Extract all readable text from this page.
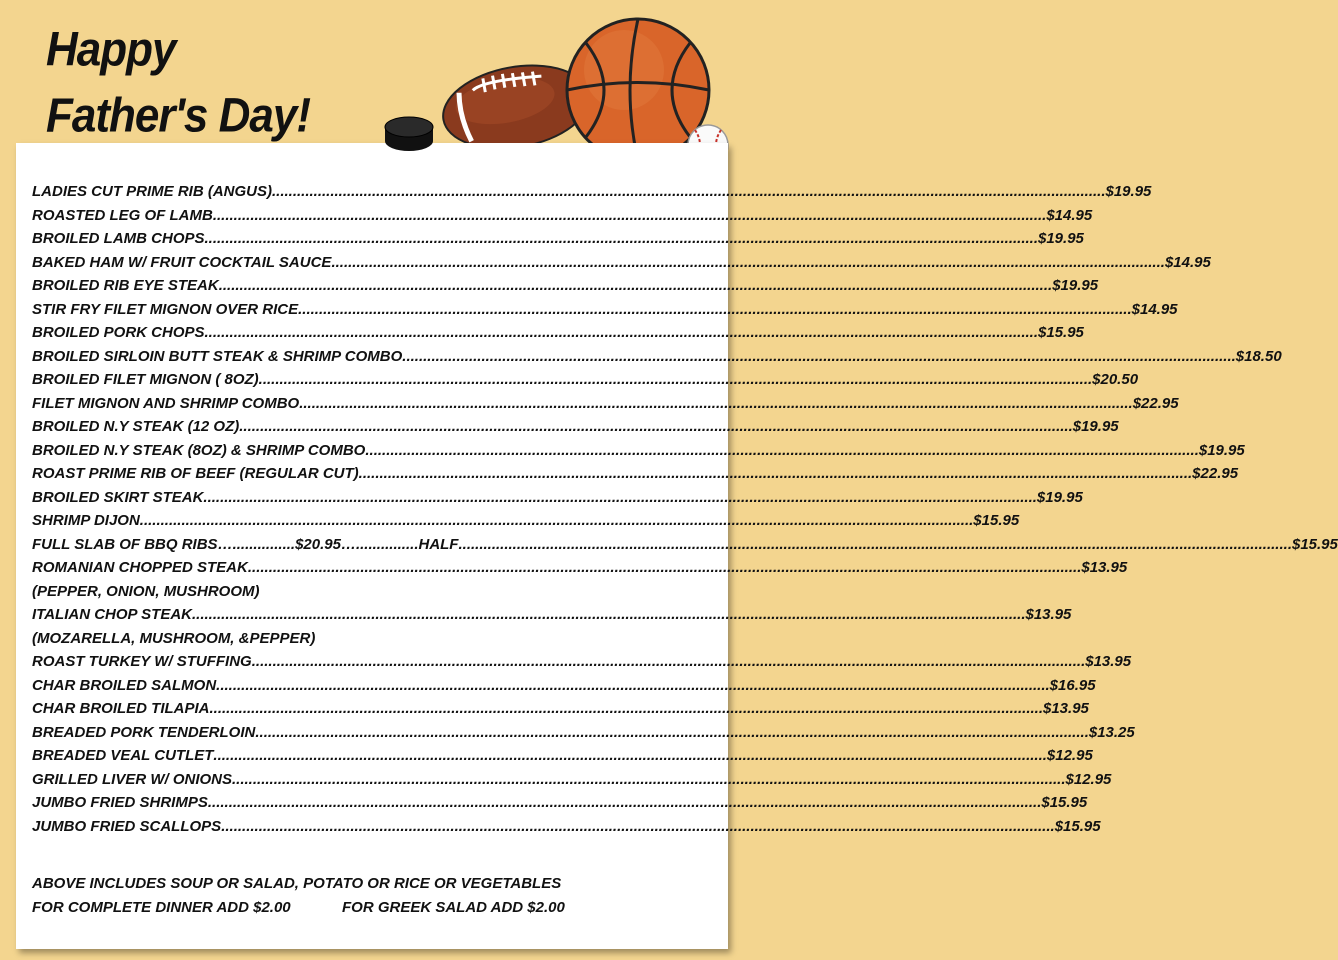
Happy
Father's Day!
LADIES CUT PRIME RIB (ANGUS) ........................................................................................................................................................................................................ $19.95
ROASTED LEG OF LAMB ........................................................................................................................................................................................................ $14.95
BROILED LAMB CHOPS ........................................................................................................................................................................................................ $19.95
BAKED HAM W/ FRUIT COCKTAIL SAUCE ........................................................................................................................................................................................................ $14.95
BROILED RIB EYE STEAK ........................................................................................................................................................................................................ $19.95
STIR FRY FILET MIGNON OVER RICE ........................................................................................................................................................................................................ $14.95
BROILED PORK CHOPS ........................................................................................................................................................................................................ $15.95
BROILED SIRLOIN BUTT STEAK & SHRIMP COMBO ........................................................................................................................................................................................................ $18.50
BROILED FILET MIGNON ( 8OZ) ........................................................................................................................................................................................................ $20.50
FILET MIGNON AND SHRIMP COMBO ........................................................................................................................................................................................................ $22.95
BROILED N.Y STEAK (12 OZ) ........................................................................................................................................................................................................ $19.95
BROILED N.Y STEAK (8OZ) & SHRIMP COMBO ........................................................................................................................................................................................................ $19.95
ROAST PRIME RIB OF BEEF (REGULAR CUT) ........................................................................................................................................................................................................ $22.95
BROILED SKIRT STEAK ........................................................................................................................................................................................................ $19.95
SHRIMP DIJON ........................................................................................................................................................................................................ $15.95
FULL SLAB OF BBQ RIBS …............... $20.95 …............... HALF ........................................................................................................................................................................................................ $15.95
ROMANIAN CHOPPED STEAK ........................................................................................................................................................................................................ $13.95
(PEPPER, ONION, MUSHROOM)
ITALIAN CHOP STEAK ........................................................................................................................................................................................................ $13.95
(MOZARELLA, MUSHROOM, &PEPPER)
ROAST TURKEY W/ STUFFING ........................................................................................................................................................................................................ $13.95
CHAR BROILED SALMON ........................................................................................................................................................................................................ $16.95
CHAR BROILED TILAPIA ........................................................................................................................................................................................................ $13.95
BREADED PORK TENDERLOIN ........................................................................................................................................................................................................ $13.25
BREADED VEAL CUTLET ........................................................................................................................................................................................................ $12.95
GRILLED LIVER W/ ONIONS ........................................................................................................................................................................................................ $12.95
JUMBO FRIED SHRIMPS ........................................................................................................................................................................................................ $15.95
JUMBO FRIED SCALLOPS ........................................................................................................................................................................................................ $15.95
ABOVE INCLUDES SOUP OR SALAD, POTATO OR RICE OR VEGETABLES
FOR COMPLETE DINNER ADD $2.00	FOR GREEK SALAD ADD $2.00
